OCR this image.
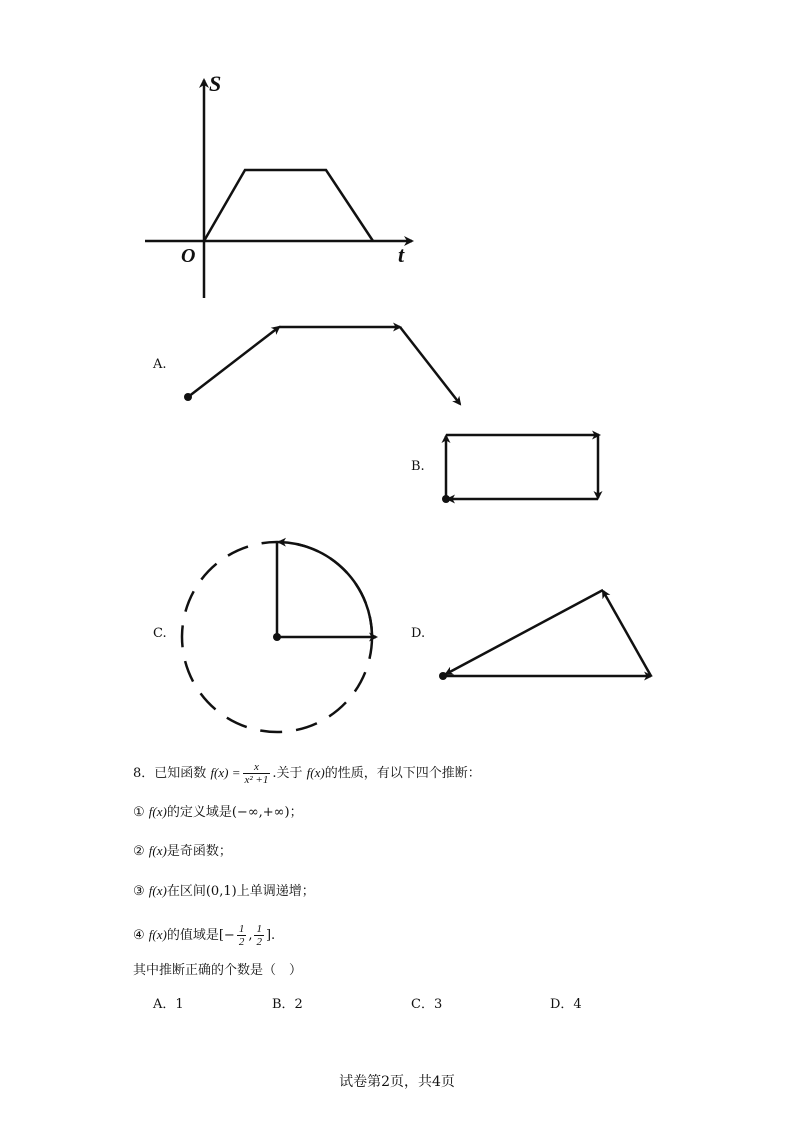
S
t
O
A.
B.
C.	D.
8．已知函数 $f(x) = \frac{x}{\text{x² +1}}$ .关于 f(x)的性质，有以下四个推断：
① f(x)的定义域是(−∞,+∞)；
② f(x)是奇函数；
③ f(x)在区间(0,1)上单调递增；
④ f(x)的值域是[− $\frac{1}{2}$ , $\frac{1}{2}$ ].
其中推断正确的个数是（　）
A．1	B．2	C．3	D．4
试卷第2页，共4页
